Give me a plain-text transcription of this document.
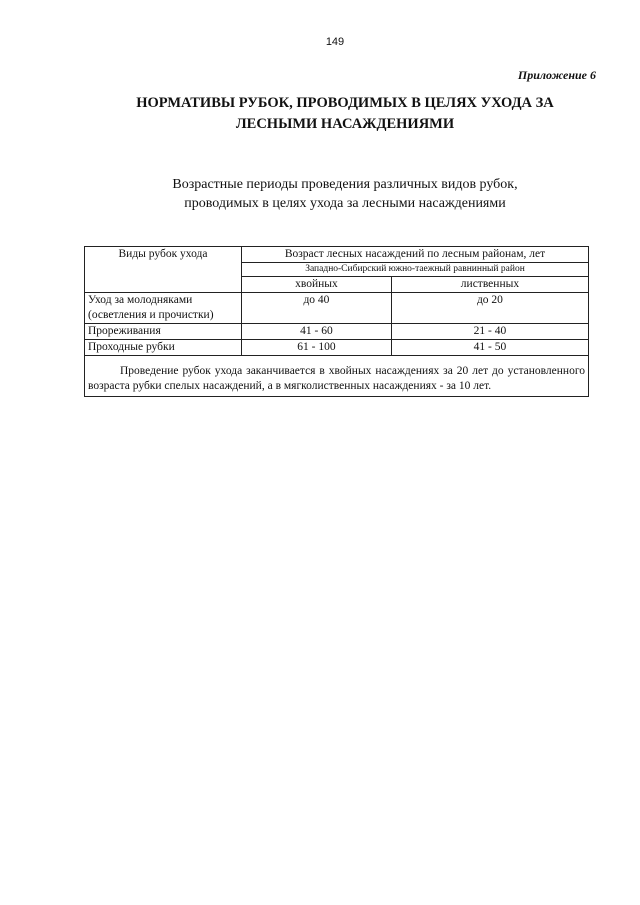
149
Приложение 6
НОРМАТИВЫ РУБОК, ПРОВОДИМЫХ В ЦЕЛЯХ УХОДА ЗА
ЛЕСНЫМИ НАСАЖДЕНИЯМИ

Возрастные периоды проведения различных видов рубок,
проводимых в целях ухода за лесными насаждениями

Виды рубок ухода	Возраст лесных насаждений по лесным районам, лет	
	Западно-Сибирский южно-таежный равнинный район	
	хвойных	лиственных
Уход за молодняками
(осветления и прочистки)	до 40	до 20
Прореживания	41 - 60	21 - 40
Проходные рубки	61 - 100	41 - 50

Проведение рубок ухода заканчивается в хвойных насаждениях за 20 лет до установленного возраста рубки спелых насаждений, а в мягколиственных насаждениях - за 10 лет.		
